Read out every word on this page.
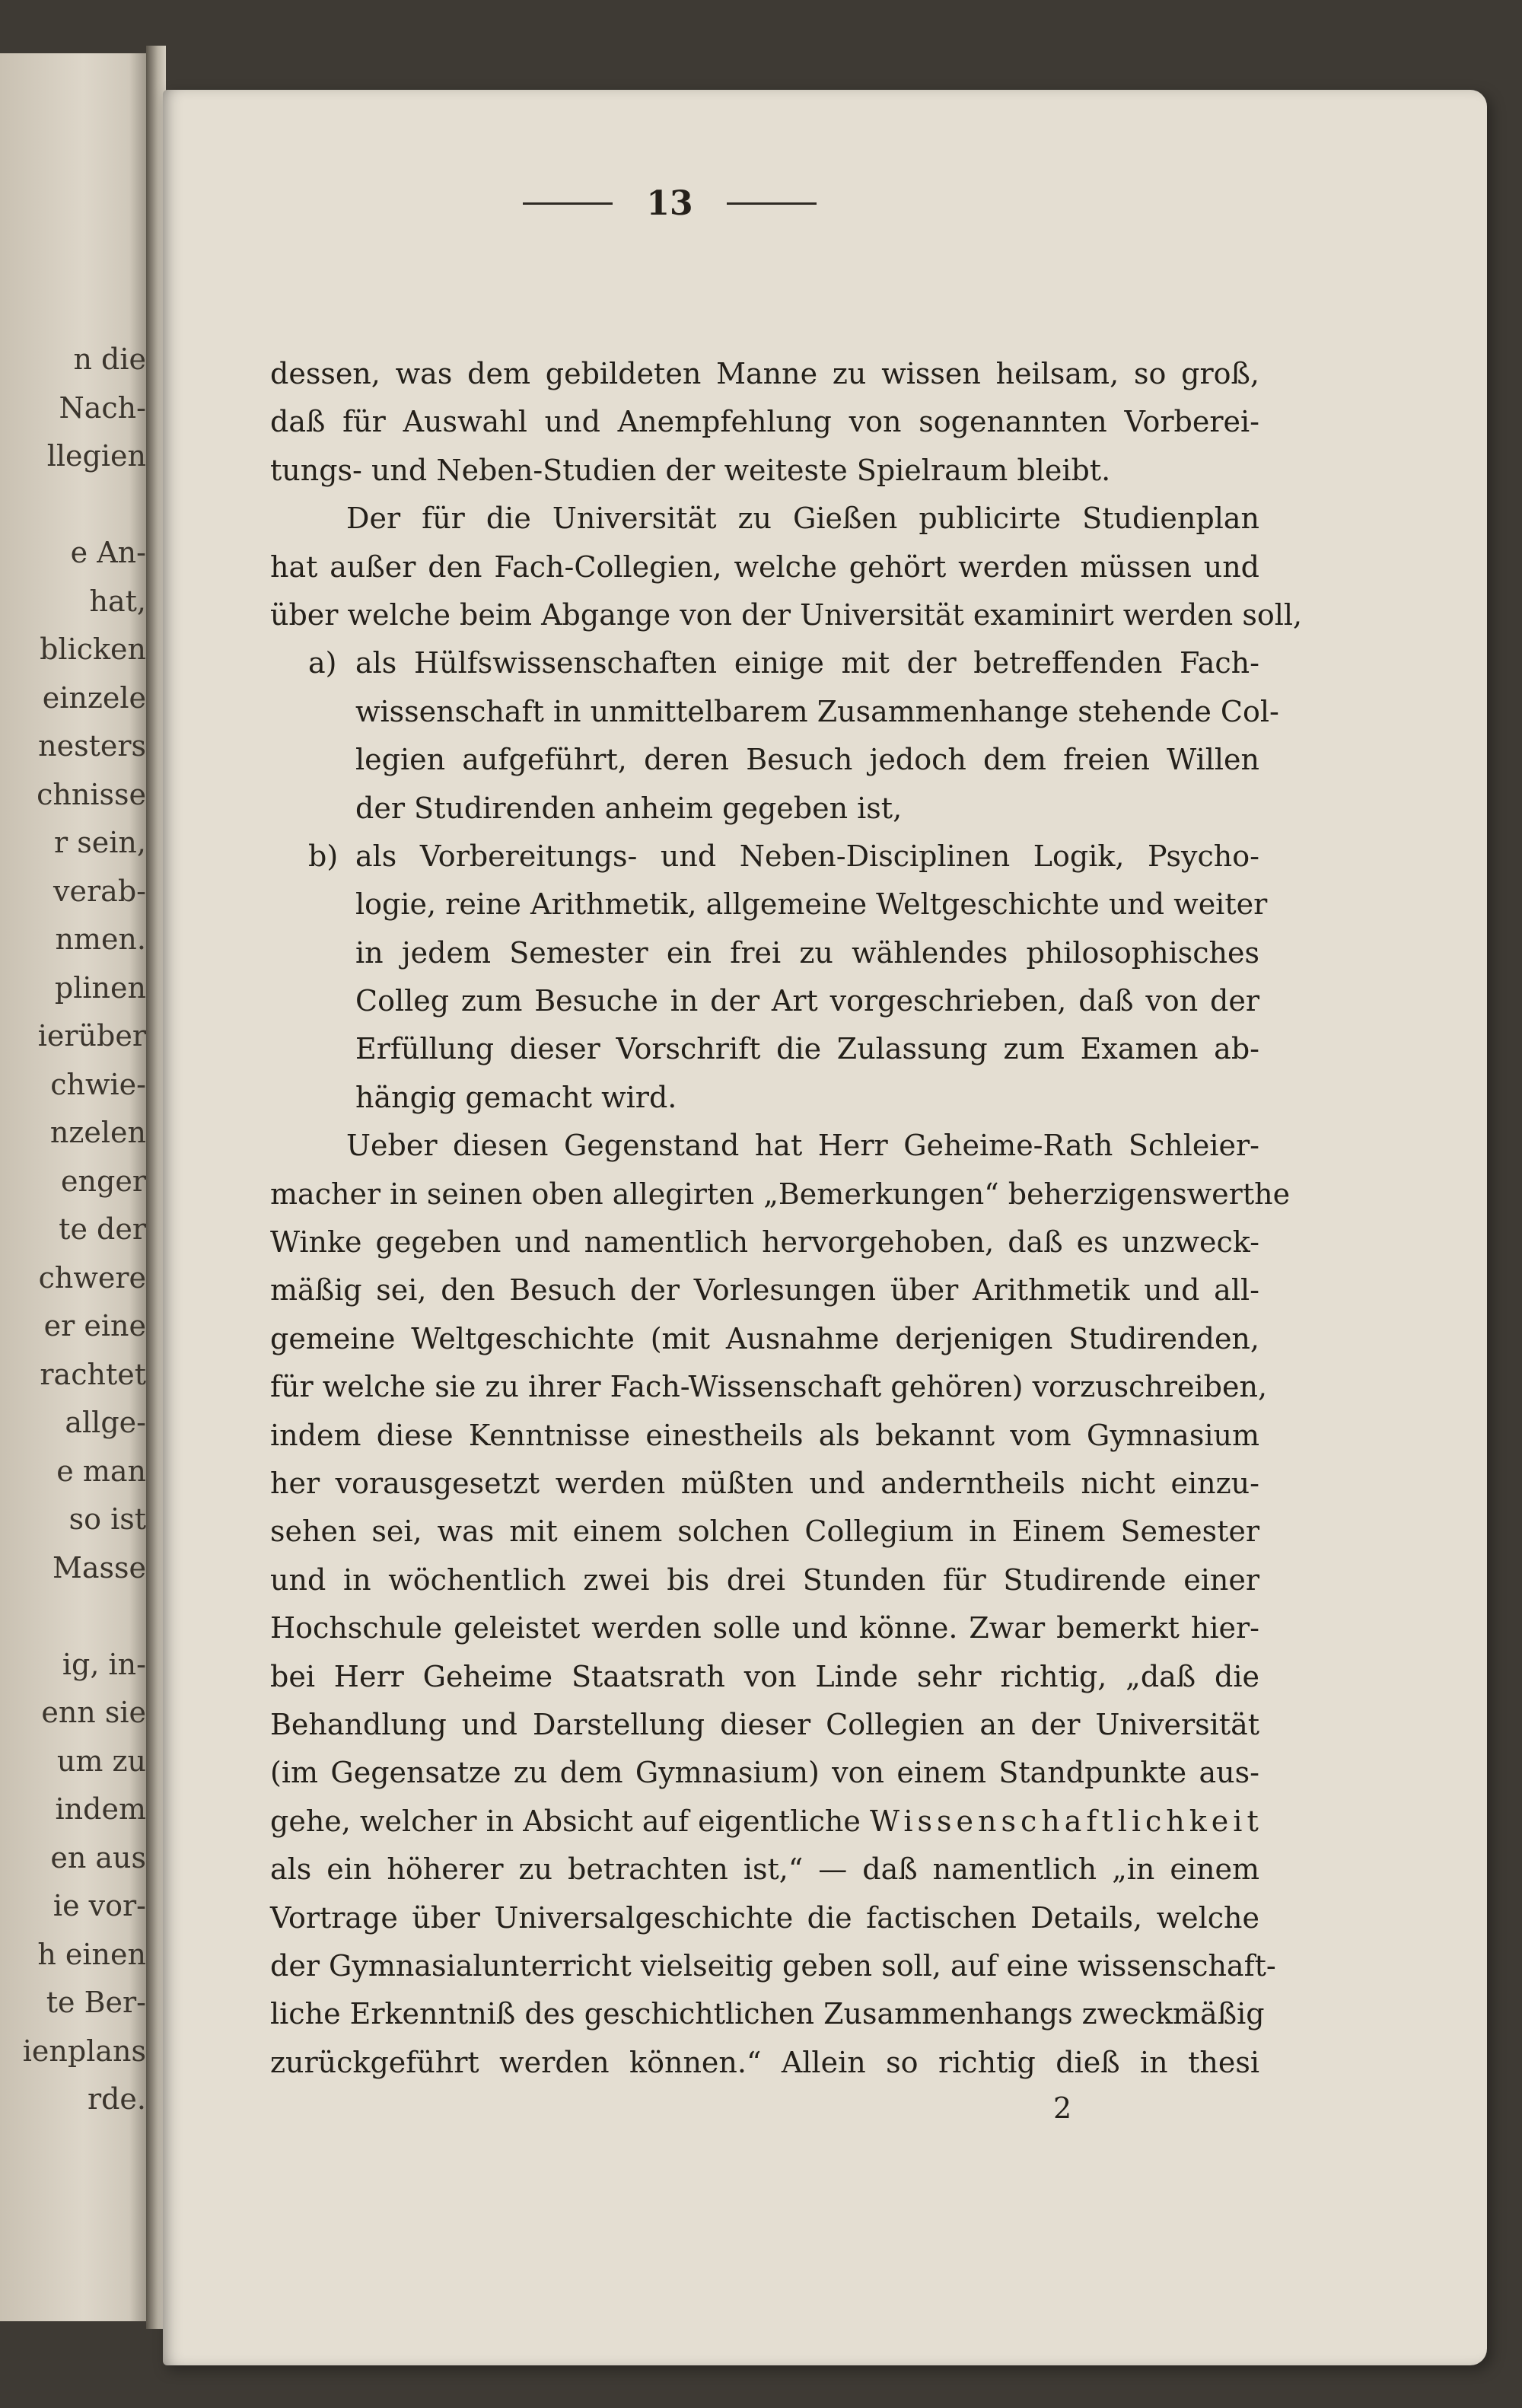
n die
Nach-
llegien
e An-
hat,
blicken
einzele
nesters
chnisse
r sein,
verab-
nmen.
plinen
ierüber
chwie-
nzelen
enger
te der
chwere
er eine
rachtet
allge-
e man
so ist
Masse
ig, in-
enn sie
um zu
indem
en aus
ie vor-
h einen
te Ber-
ienplans
rde.
13
dessen, was dem gebildeten Manne zu wissen heilsam, so groß,
daß für Auswahl und Anempfehlung von sogenannten Vorberei-
tungs- und Neben-Studien der weiteste Spielraum bleibt.
Der für die Universität zu Gießen publicirte Studienplan
hat außer den Fach-Collegien, welche gehört werden müssen und
über welche beim Abgange von der Universität examinirt werden soll,
a) als Hülfswissenschaften einige mit der betreffenden Fach-
wissenschaft in unmittelbarem Zusammenhange stehende Col-
legien aufgeführt, deren Besuch jedoch dem freien Willen
der Studirenden anheim gegeben ist,
b) als Vorbereitungs- und Neben-Disciplinen Logik, Psycho-
logie, reine Arithmetik, allgemeine Weltgeschichte und weiter
in jedem Semester ein frei zu wählendes philosophisches
Colleg zum Besuche in der Art vorgeschrieben, daß von der
Erfüllung dieser Vorschrift die Zulassung zum Examen ab-
hängig gemacht wird.
Ueber diesen Gegenstand hat Herr Geheime-Rath Schleier-
macher in seinen oben allegirten „Bemerkungen“ beherzigenswerthe
Winke gegeben und namentlich hervorgehoben, daß es unzweck-
mäßig sei, den Besuch der Vorlesungen über Arithmetik und all-
gemeine Weltgeschichte (mit Ausnahme derjenigen Studirenden,
für welche sie zu ihrer Fach-Wissenschaft gehören) vorzuschreiben,
indem diese Kenntnisse einestheils als bekannt vom Gymnasium
her vorausgesetzt werden müßten und anderntheils nicht einzu-
sehen sei, was mit einem solchen Collegium in Einem Semester
und in wöchentlich zwei bis drei Stunden für Studirende einer
Hochschule geleistet werden solle und könne. Zwar bemerkt hier-
bei Herr Geheime Staatsrath von Linde sehr richtig, „daß die
Behandlung und Darstellung dieser Collegien an der Universität
(im Gegensatze zu dem Gymnasium) von einem Standpunkte aus-
gehe, welcher in Absicht auf eigentliche Wissenschaftlichkeit
als ein höherer zu betrachten ist,“ — daß namentlich „in einem
Vortrage über Universalgeschichte die factischen Details, welche
der Gymnasialunterricht vielseitig geben soll, auf eine wissenschaft-
liche Erkenntniß des geschichtlichen Zusammenhangs zweckmäßig
zurückgeführt werden können.“ Allein so richtig dieß in thesi
2
